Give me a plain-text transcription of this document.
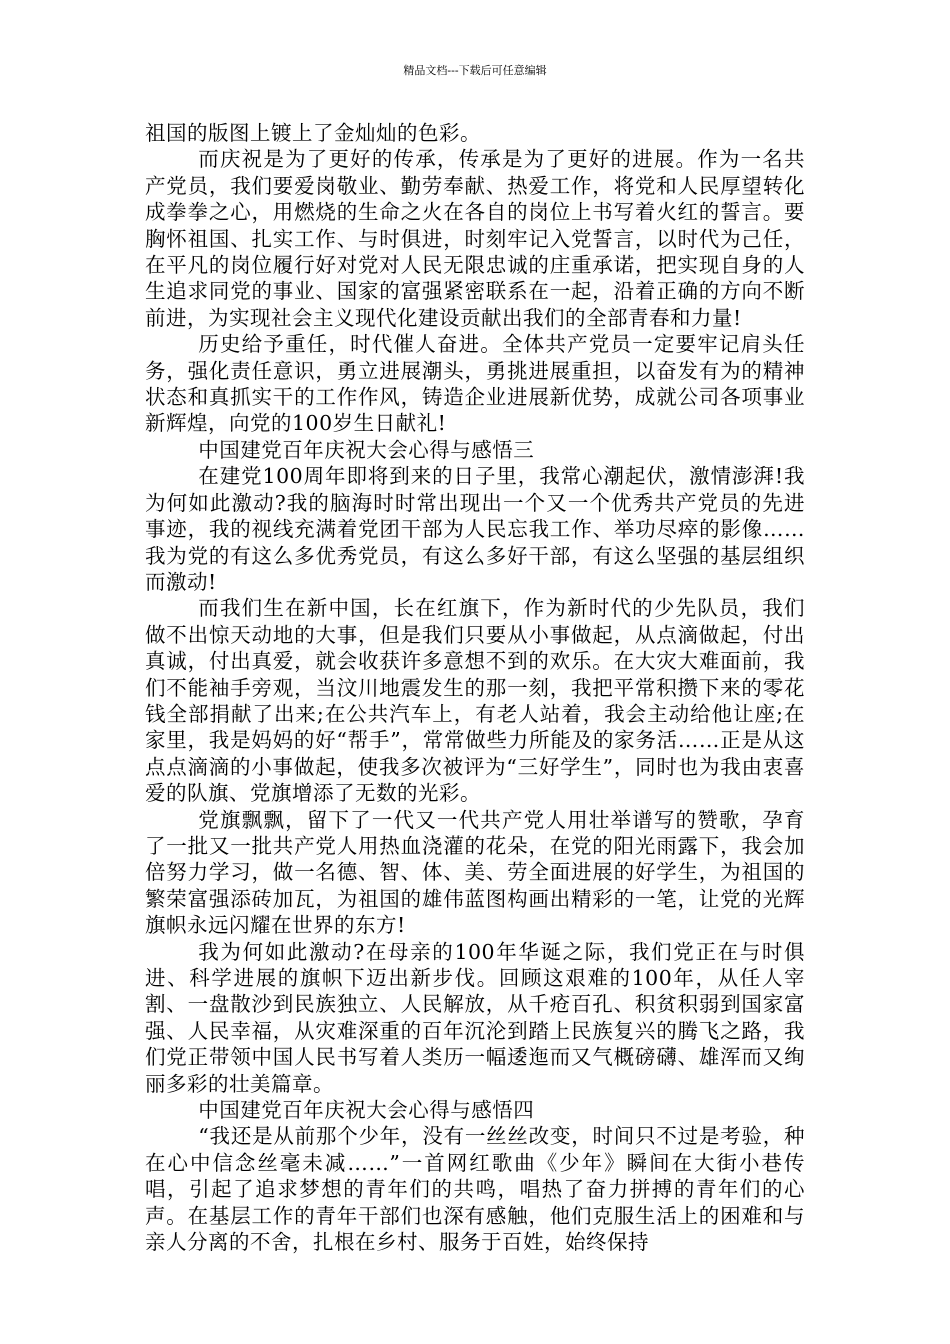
精品文档---下载后可任意编辑

祖国的版图上镀上了金灿灿的色彩。

而庆祝是为了更好的传承，传承是为了更好的进展。作为一名共产党员，我们要爱岗敬业、勤劳奉献、热爱工作，将党和人民厚望转化成拳拳之心，用燃烧的生命之火在各自的岗位上书写着火红的誓言。要胸怀祖国、扎实工作、与时俱进，时刻牢记入党誓言，以时代为己任，在平凡的岗位履行好对党对人民无限忠诚的庄重承诺，把实现自身的人生追求同党的事业、国家的富强紧密联系在一起，沿着正确的方向不断前进，为实现社会主义现代化建设贡献出我们的全部青春和力量!

历史给予重任，时代催人奋进。全体共产党员一定要牢记肩头任务，强化责任意识，勇立进展潮头，勇挑进展重担，以奋发有为的精神状态和真抓实干的工作作风，铸造企业进展新优势，成就公司各项事业新辉煌，向党的100岁生日献礼!

中国建党百年庆祝大会心得与感悟三

在建党100周年即将到来的日子里，我常心潮起伏，激情澎湃!我为何如此激动?我的脑海时时常出现出一个又一个优秀共产党员的先进事迹，我的视线充满着党团干部为人民忘我工作、举功尽瘁的影像……我为党的有这么多优秀党员，有这么多好干部，有这么坚强的基层组织而激动!

而我们生在新中国，长在红旗下，作为新时代的少先队员，我们做不出惊天动地的大事，但是我们只要从小事做起，从点滴做起，付出真诚，付出真爱，就会收获许多意想不到的欢乐。在大灾大难面前，我们不能袖手旁观，当汶川地震发生的那一刻，我把平常积攒下来的零花钱全部捐献了出来;在公共汽车上，有老人站着，我会主动给他让座;在家里，我是妈妈的好“帮手”，常常做些力所能及的家务活……正是从这点点滴滴的小事做起，使我多次被评为“三好学生”，同时也为我由衷喜爱的队旗、党旗增添了无数的光彩。

党旗飘飘，留下了一代又一代共产党人用壮举谱写的赞歌，孕育了一批又一批共产党人用热血浇灌的花朵，在党的阳光雨露下，我会加倍努力学习，做一名德、智、体、美、劳全面进展的好学生，为祖国的繁荣富强添砖加瓦，为祖国的雄伟蓝图构画出精彩的一笔，让党的光辉旗帜永远闪耀在世界的东方!

我为何如此激动?在母亲的100年华诞之际，我们党正在与时俱进、科学进展的旗帜下迈出新步伐。回顾这艰难的100年，从任人宰割、一盘散沙到民族独立、人民解放，从千疮百孔、积贫积弱到国家富强、人民幸福，从灾难深重的百年沉沦到踏上民族复兴的腾飞之路，我们党正带领中国人民书写着人类历一幅逶迤而又气概磅礴、雄浑而又绚丽多彩的壮美篇章。

中国建党百年庆祝大会心得与感悟四

“我还是从前那个少年，没有一丝丝改变，时间只不过是考验，种在心中信念丝毫未减……”一首网红歌曲《少年》瞬间在大街小巷传唱，引起了追求梦想的青年们的共鸣，唱热了奋力拼搏的青年们的心声。在基层工作的青年干部们也深有感触，他们克服生活上的困难和与亲人分离的不舍，扎根在乡村、服务于百姓，始终保持
